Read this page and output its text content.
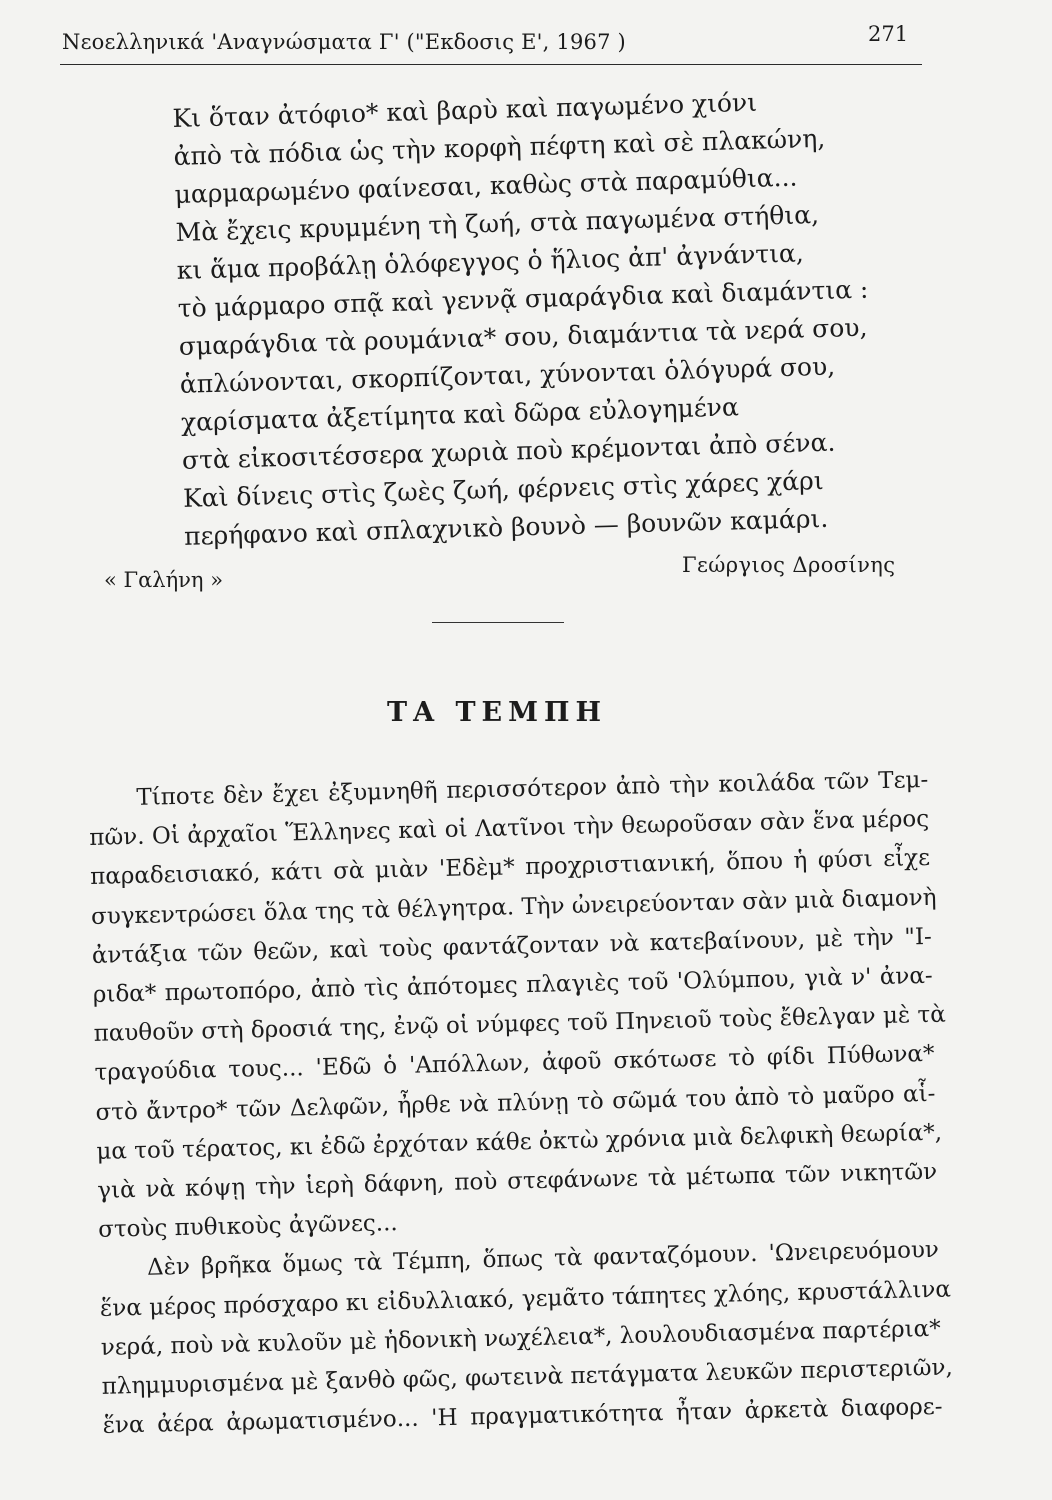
Νεοελληνικά 'Αναγνώσματα Γ' ("Εκδοσις Ε', 1967 )	271
Κι ὅταν ἀτόφιο* καὶ βαρὺ καὶ παγωμένο χιόνι
ἀπὸ τὰ πόδια ὡς τὴν κορφὴ πέφτη καὶ σὲ πλακώνη,
μαρμαρωμένο φαίνεσαι, καθὼς στὰ παραμύθια...
Μὰ ἔχεις κρυμμένη τὴ ζωή, στὰ παγωμένα στήθια,
κι ἅμα προβάλῃ ὁλόφεγγος ὁ ἥλιος ἀπ' ἀγνάντια,
τὸ μάρμαρο σπᾷ καὶ γεννᾷ σμαράγδια καὶ διαμάντια :
σμαράγδια τὰ ρουμάνια* σου, διαμάντια τὰ νερά σου,
ἁπλώνονται, σκορπίζονται, χύνονται ὁλόγυρά σου,
χαρίσματα ἀξετίμητα καὶ δῶρα εὐλογημένα
στὰ εἰκοσιτέσσερα χωριὰ ποὺ κρέμονται ἀπὸ σένα.
Καὶ δίνεις στὶς ζωὲς ζωή, φέρνεις στὶς χάρες χάρι
περήφανο καὶ σπλαχνικὸ βουνὸ — βουνῶν καμάρι.
« Γαλήνη »
Γεώργιος Δροσίνης
ΤΑ ΤΕΜΠΗ
Τίποτε δὲν ἔχει ἐξυμνηθῆ περισσότερον ἀπὸ τὴν κοιλάδα τῶν Τεμ-
πῶν. Οἱ ἀρχαῖοι Ἕλληνες καὶ οἱ Λατῖνοι τὴν θεωροῦσαν σὰν ἕνα μέρος
παραδεισιακό, κάτι σὰ μιὰν 'Εδὲμ* προχριστιανική, ὅπου ἡ φύσι εἶχε
συγκεντρώσει ὅλα της τὰ θέλγητρα. Τὴν ὠνειρεύονταν σὰν μιὰ διαμονὴ
ἀντάξια τῶν θεῶν, καὶ τοὺς φαντάζονταν νὰ κατεβαίνουν, μὲ τὴν "Ι-
ριδα* πρωτοπόρο, ἀπὸ τὶς ἀπότομες πλαγιὲς τοῦ 'Ολύμπου, γιὰ ν' ἀνα-
παυθοῦν στὴ δροσιά της, ἐνῷ οἱ νύμφες τοῦ Πηνειοῦ τοὺς ἔθελγαν μὲ τὰ
τραγούδια τους... 'Εδῶ ὁ 'Απόλλων, ἀφοῦ σκότωσε τὸ φίδι Πύθωνα*
στὸ ἄντρο* τῶν Δελφῶν, ἦρθε νὰ πλύνῃ τὸ σῶμά του ἀπὸ τὸ μαῦρο αἷ-
μα τοῦ τέρατος, κι ἐδῶ ἐρχόταν κάθε ὀκτὼ χρόνια μιὰ δελφικὴ θεωρία*,
γιὰ νὰ κόψῃ τὴν ἱερὴ δάφνη, ποὺ στεφάνωνε τὰ μέτωπα τῶν νικητῶν
στοὺς πυθικοὺς ἀγῶνες...
Δὲν βρῆκα ὅμως τὰ Τέμπη, ὅπως τὰ φανταζόμουν. 'Ωνειρευόμουν
ἕνα μέρος πρόσχαρο κι εἰδυλλιακό, γεμᾶτο τάπητες χλόης, κρυστάλλινα
νερά, ποὺ νὰ κυλοῦν μὲ ἡδονικὴ νωχέλεια*, λουλουδιασμένα παρτέρια*
πλημμυρισμένα μὲ ξανθὸ φῶς, φωτεινὰ πετάγματα λευκῶν περιστεριῶν,
ἕνα ἀέρα ἀρωματισμένο... 'Η πραγματικότητα ἦταν ἀρκετὰ διαφορε-
